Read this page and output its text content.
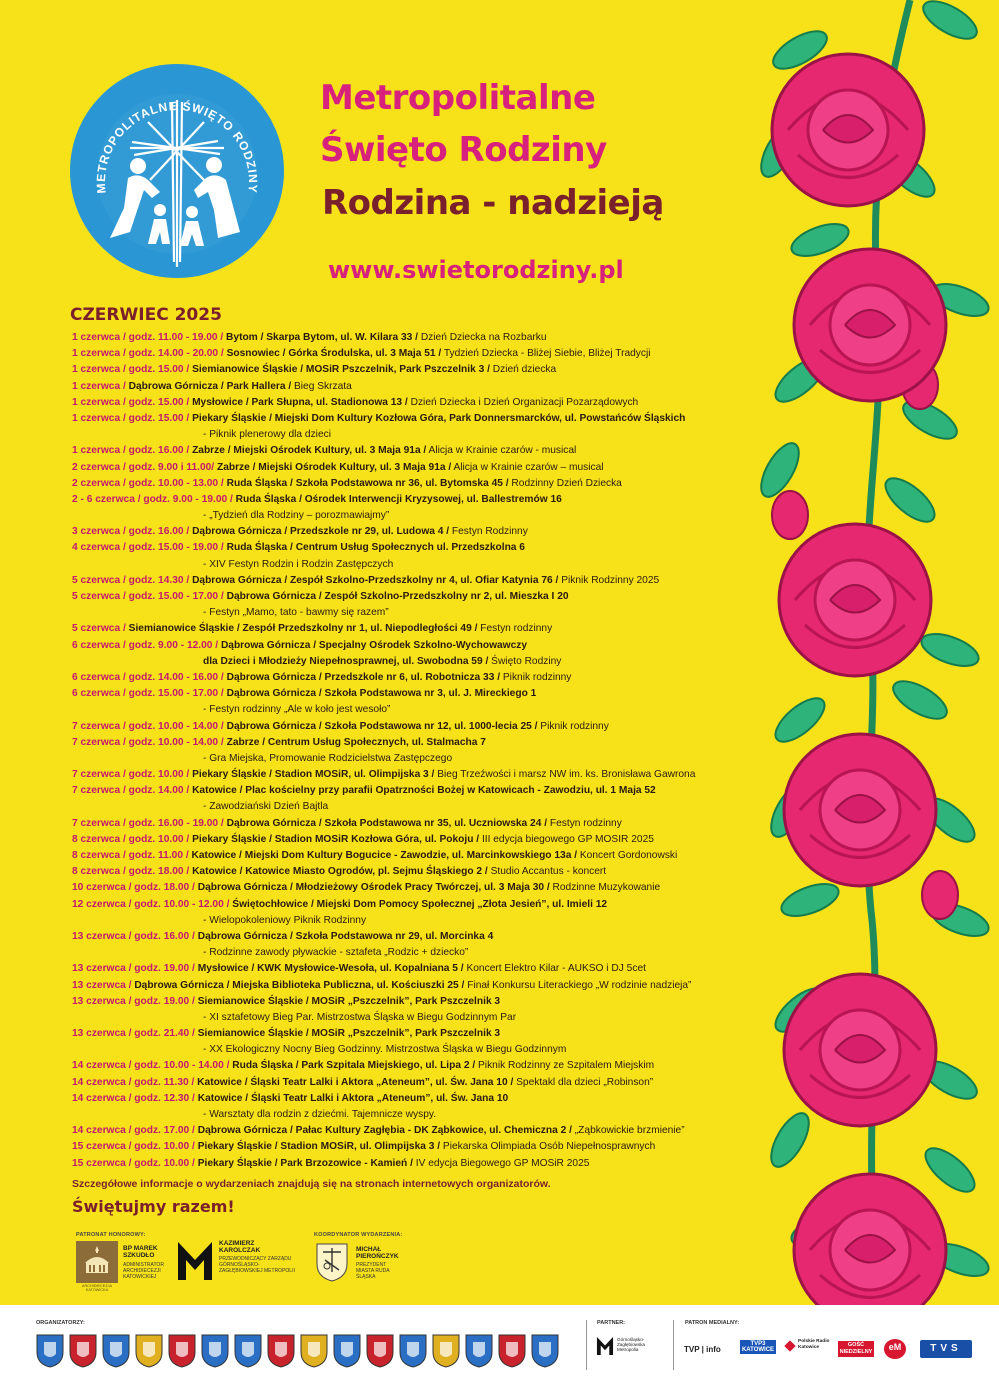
METROPOLITALNE ŚWIĘTO RODZINY
Metropolitalne
Święto Rodziny
Rodzina - nadzieją
www.swietorodziny.pl
CZERWIEC 2025
1 czerwca / godz. 11.00 - 19.00 / Bytom / Skarpa Bytom, ul. W. Kilara 33 / Dzień Dziecka na Rozbarku
1 czerwca / godz. 14.00 - 20.00 / Sosnowiec / Górka Środulska, ul. 3 Maja 51 / Tydzień Dziecka - Bliżej Siebie, Bliżej Tradycji
1 czerwca / godz. 15.00 / Siemianowice Śląskie / MOSiR Pszczelnik, Park Pszczelnik 3 / Dzień dziecka
1 czerwca / Dąbrowa Górnicza / Park Hallera / Bieg Skrzata
1 czerwca / godz. 15.00 / Mysłowice / Park Słupna, ul. Stadionowa 13 / Dzień Dziecka i Dzień Organizacji Pozarządowych
1 czerwca / godz. 15.00 / Piekary Śląskie / Miejski Dom Kultury Kozłowa Góra, Park Donnersmarcków, ul. Powstańców Śląskich
- Piknik plenerowy dla dzieci
1 czerwca / godz. 16.00 / Zabrze / Miejski Ośrodek Kultury, ul. 3 Maja 91a / Alicja w Krainie czarów - musical
2 czerwca / godz. 9.00 i 11.00/ Zabrze / Miejski Ośrodek Kultury, ul. 3 Maja 91a / Alicja w Krainie czarów – musical
2 czerwca / godz. 10.00 - 13.00 / Ruda Śląska / Szkoła Podstawowa nr 36, ul. Bytomska 45 / Rodzinny Dzień Dziecka
2 - 6 czerwca / godz. 9.00 - 19.00 / Ruda Śląska / Ośrodek Interwencji Kryzysowej, ul. Ballestremów 16
- „Tydzień dla Rodziny – porozmawiajmy”
3 czerwca / godz. 16.00 / Dąbrowa Górnicza / Przedszkole nr 29, ul. Ludowa 4 / Festyn Rodzinny
4 czerwca / godz. 15.00 - 19.00 / Ruda Śląska / Centrum Usług Społecznych ul. Przedszkolna 6
- XIV Festyn Rodzin i Rodzin Zastępczych
5 czerwca / godz. 14.30 / Dąbrowa Górnicza / Zespół Szkolno-Przedszkolny nr 4, ul. Ofiar Katynia 76 / Piknik Rodzinny 2025
5 czerwca / godz. 15.00 - 17.00 / Dąbrowa Górnicza / Zespół Szkolno-Przedszkolny nr 2, ul. Mieszka I 20
- Festyn „Mamo, tato - bawmy się razem”
5 czerwca / Siemianowice Śląskie / Zespół Przedszkolny nr 1, ul. Niepodległości 49 / Festyn rodzinny
6 czerwca / godz. 9.00 - 12.00 / Dąbrowa Górnicza / Specjalny Ośrodek Szkolno-Wychowawczy
dla Dzieci i Młodzieży Niepełnosprawnej, ul. Swobodna 59 / Święto Rodziny
6 czerwca / godz. 14.00 - 16.00 / Dąbrowa Górnicza / Przedszkole nr 6, ul. Robotnicza 33 / Piknik rodzinny
6 czerwca / godz. 15.00 - 17.00 / Dąbrowa Górnicza / Szkoła Podstawowa nr 3, ul. J. Mireckiego 1
- Festyn rodzinny „Ale w koło jest wesoło”
7 czerwca / godz. 10.00 - 14.00 / Dąbrowa Górnicza / Szkoła Podstawowa nr 12, ul. 1000-lecia 25 / Piknik rodzinny
7 czerwca / godz. 10.00 - 14.00 / Zabrze / Centrum Usług Społecznych, ul. Stalmacha 7
- Gra Miejska, Promowanie Rodzicielstwa Zastępczego
7 czerwca / godz. 10.00 / Piekary Śląskie / Stadion MOSiR, ul. Olimpijska 3 / Bieg Trzeźwości i marsz NW im. ks. Bronisława Gawrona
7 czerwca / godz. 14.00 / Katowice / Plac kościelny przy parafii Opatrzności Bożej w Katowicach - Zawodziu, ul. 1 Maja 52
- Zawodziański Dzień Bajtla
7 czerwca / godz. 16.00 - 19.00 / Dąbrowa Górnicza / Szkoła Podstawowa nr 35, ul. Uczniowska 24 / Festyn rodzinny
8 czerwca / godz. 10.00 / Piekary Śląskie / Stadion MOSiR Kozłowa Góra, ul. Pokoju / III edycja biegowego GP MOSIR 2025
8 czerwca / godz. 11.00 / Katowice / Miejski Dom Kultury Bogucice - Zawodzie, ul. Marcinkowskiego 13a / Koncert Gordonowski
8 czerwca / godz. 18.00 / Katowice / Katowice Miasto Ogrodów, pl. Sejmu Śląskiego 2 / Studio Accantus - koncert
10 czerwca / godz. 18.00 / Dąbrowa Górnicza / Młodzieżowy Ośrodek Pracy Twórczej, ul. 3 Maja 30 / Rodzinne Muzykowanie
12 czerwca / godz. 10.00 - 12.00 / Świętochłowice / Miejski Dom Pomocy Społecznej „Złota Jesień”, ul. Imieli 12
- Wielopokoleniowy Piknik Rodzinny
13 czerwca / godz. 16.00 / Dąbrowa Górnicza / Szkoła Podstawowa nr 29, ul. Morcinka 4
- Rodzinne zawody pływackie - sztafeta „Rodzic + dziecko”
13 czerwca / godz. 19.00 / Mysłowice / KWK Mysłowice-Wesoła, ul. Kopalniana 5 / Koncert Elektro Kilar - AUKSO i DJ 5cet
13 czerwca / Dąbrowa Górnicza / Miejska Biblioteka Publiczna, ul. Kościuszki 25 / Finał Konkursu Literackiego „W rodzinie nadzieja”
13 czerwca / godz. 19.00 / Siemianowice Śląskie / MOSiR „Pszczelnik”, Park Pszczelnik 3
- XI sztafetowy Bieg Par. Mistrzostwa Śląska w Biegu Godzinnym Par
13 czerwca / godz. 21.40 / Siemianowice Śląskie / MOSiR „Pszczelnik”, Park Pszczelnik 3
- XX Ekologiczny Nocny Bieg Godzinny. Mistrzostwa Śląska w Biegu Godzinnym
14 czerwca / godz. 10.00 - 14.00 / Ruda Śląska / Park Szpitala Miejskiego, ul. Lipa 2 / Piknik Rodzinny ze Szpitalem Miejskim
14 czerwca / godz. 11.30 / Katowice / Śląski Teatr Lalki i Aktora „Ateneum”, ul. Św. Jana 10 / Spektakl dla dzieci „Robinson”
14 czerwca / godz. 12.30 / Katowice / Śląski Teatr Lalki i Aktora „Ateneum”, ul. Św. Jana 10
- Warsztaty dla rodzin z dziećmi. Tajemnicze wyspy.
14 czerwca / godz. 17.00 / Dąbrowa Górnicza / Pałac Kultury Zagłębia - DK Ząbkowice, ul. Chemiczna 2 / „Ząbkowickie brzmienie”
15 czerwca / godz. 10.00 / Piekary Śląskie / Stadion MOSiR, ul. Olimpijska 3 / Piekarska Olimpiada Osób Niepełnosprawnych
15 czerwca / godz. 10.00 / Piekary Śląskie / Park Brzozowice - Kamień / IV edycja Biegowego GP MOSiR 2025
Szczegółowe informacje o wydarzeniach znajdują się na stronach internetowych organizatorów.
Świętujmy razem!
PATRONAT HONOROWY:
ARCHIDIECEZJA KATOWICKA
BP MAREK SZKUDŁO
ADMINISTRATOR ARCHIDIECEZJI KATOWICKIEJ
KAZIMIERZ KAROLCZAK
PRZEWODNICZĄCY ZARZĄDU GÓRNOŚLĄSKO-ZAGŁĘBIOWSKIEJ METROPOLII
KOORDYNATOR WYDARZENIA:
MICHAŁ PIEROŃCZYK
PREZYDENT MIASTA RUDA ŚLĄSKA
ORGANIZATORZY:	PARTNER:
Górnośląsko-Zagłębiowska Metropolia
PATRON MEDIALNY:
TVP | info
TVP3 KATOWICE
Polskie Radio Katowice	GOŚĆ NIEDZIELNY	eM	TVS
